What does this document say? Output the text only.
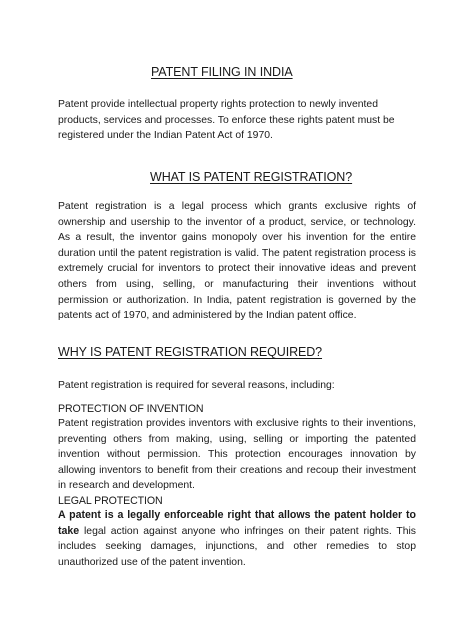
PATENT FILING IN INDIA

Patent provide intellectual property rights protection to newly invented products, services and processes. To enforce these rights patent must be registered under the Indian Patent Act of 1970.

WHAT IS PATENT REGISTRATION?

Patent registration is a legal process which grants exclusive rights of ownership and usership to the inventor of a product, service, or technology. As a result, the inventor gains monopoly over his invention for the entire duration until the patent registration is valid. The patent registration process is extremely crucial for inventors to protect their innovative ideas and prevent others from using, selling, or manufacturing their inventions without permission or authorization. In India, patent registration is governed by the patents act of 1970, and administered by the Indian patent office.

WHY IS PATENT REGISTRATION REQUIRED?

Patent registration is required for several reasons, including:

PROTECTION OF INVENTION

Patent registration provides inventors with exclusive rights to their inventions, preventing others from making, using, selling or importing the patented invention without permission. This protection encourages innovation by allowing inventors to benefit from their creations and recoup their investment in research and development.

LEGAL PROTECTION

A patent is a legally enforceable right that allows the patent holder to take legal action against anyone who infringes on their patent rights. This includes seeking damages, injunctions, and other remedies to stop unauthorized use of the patent invention.
